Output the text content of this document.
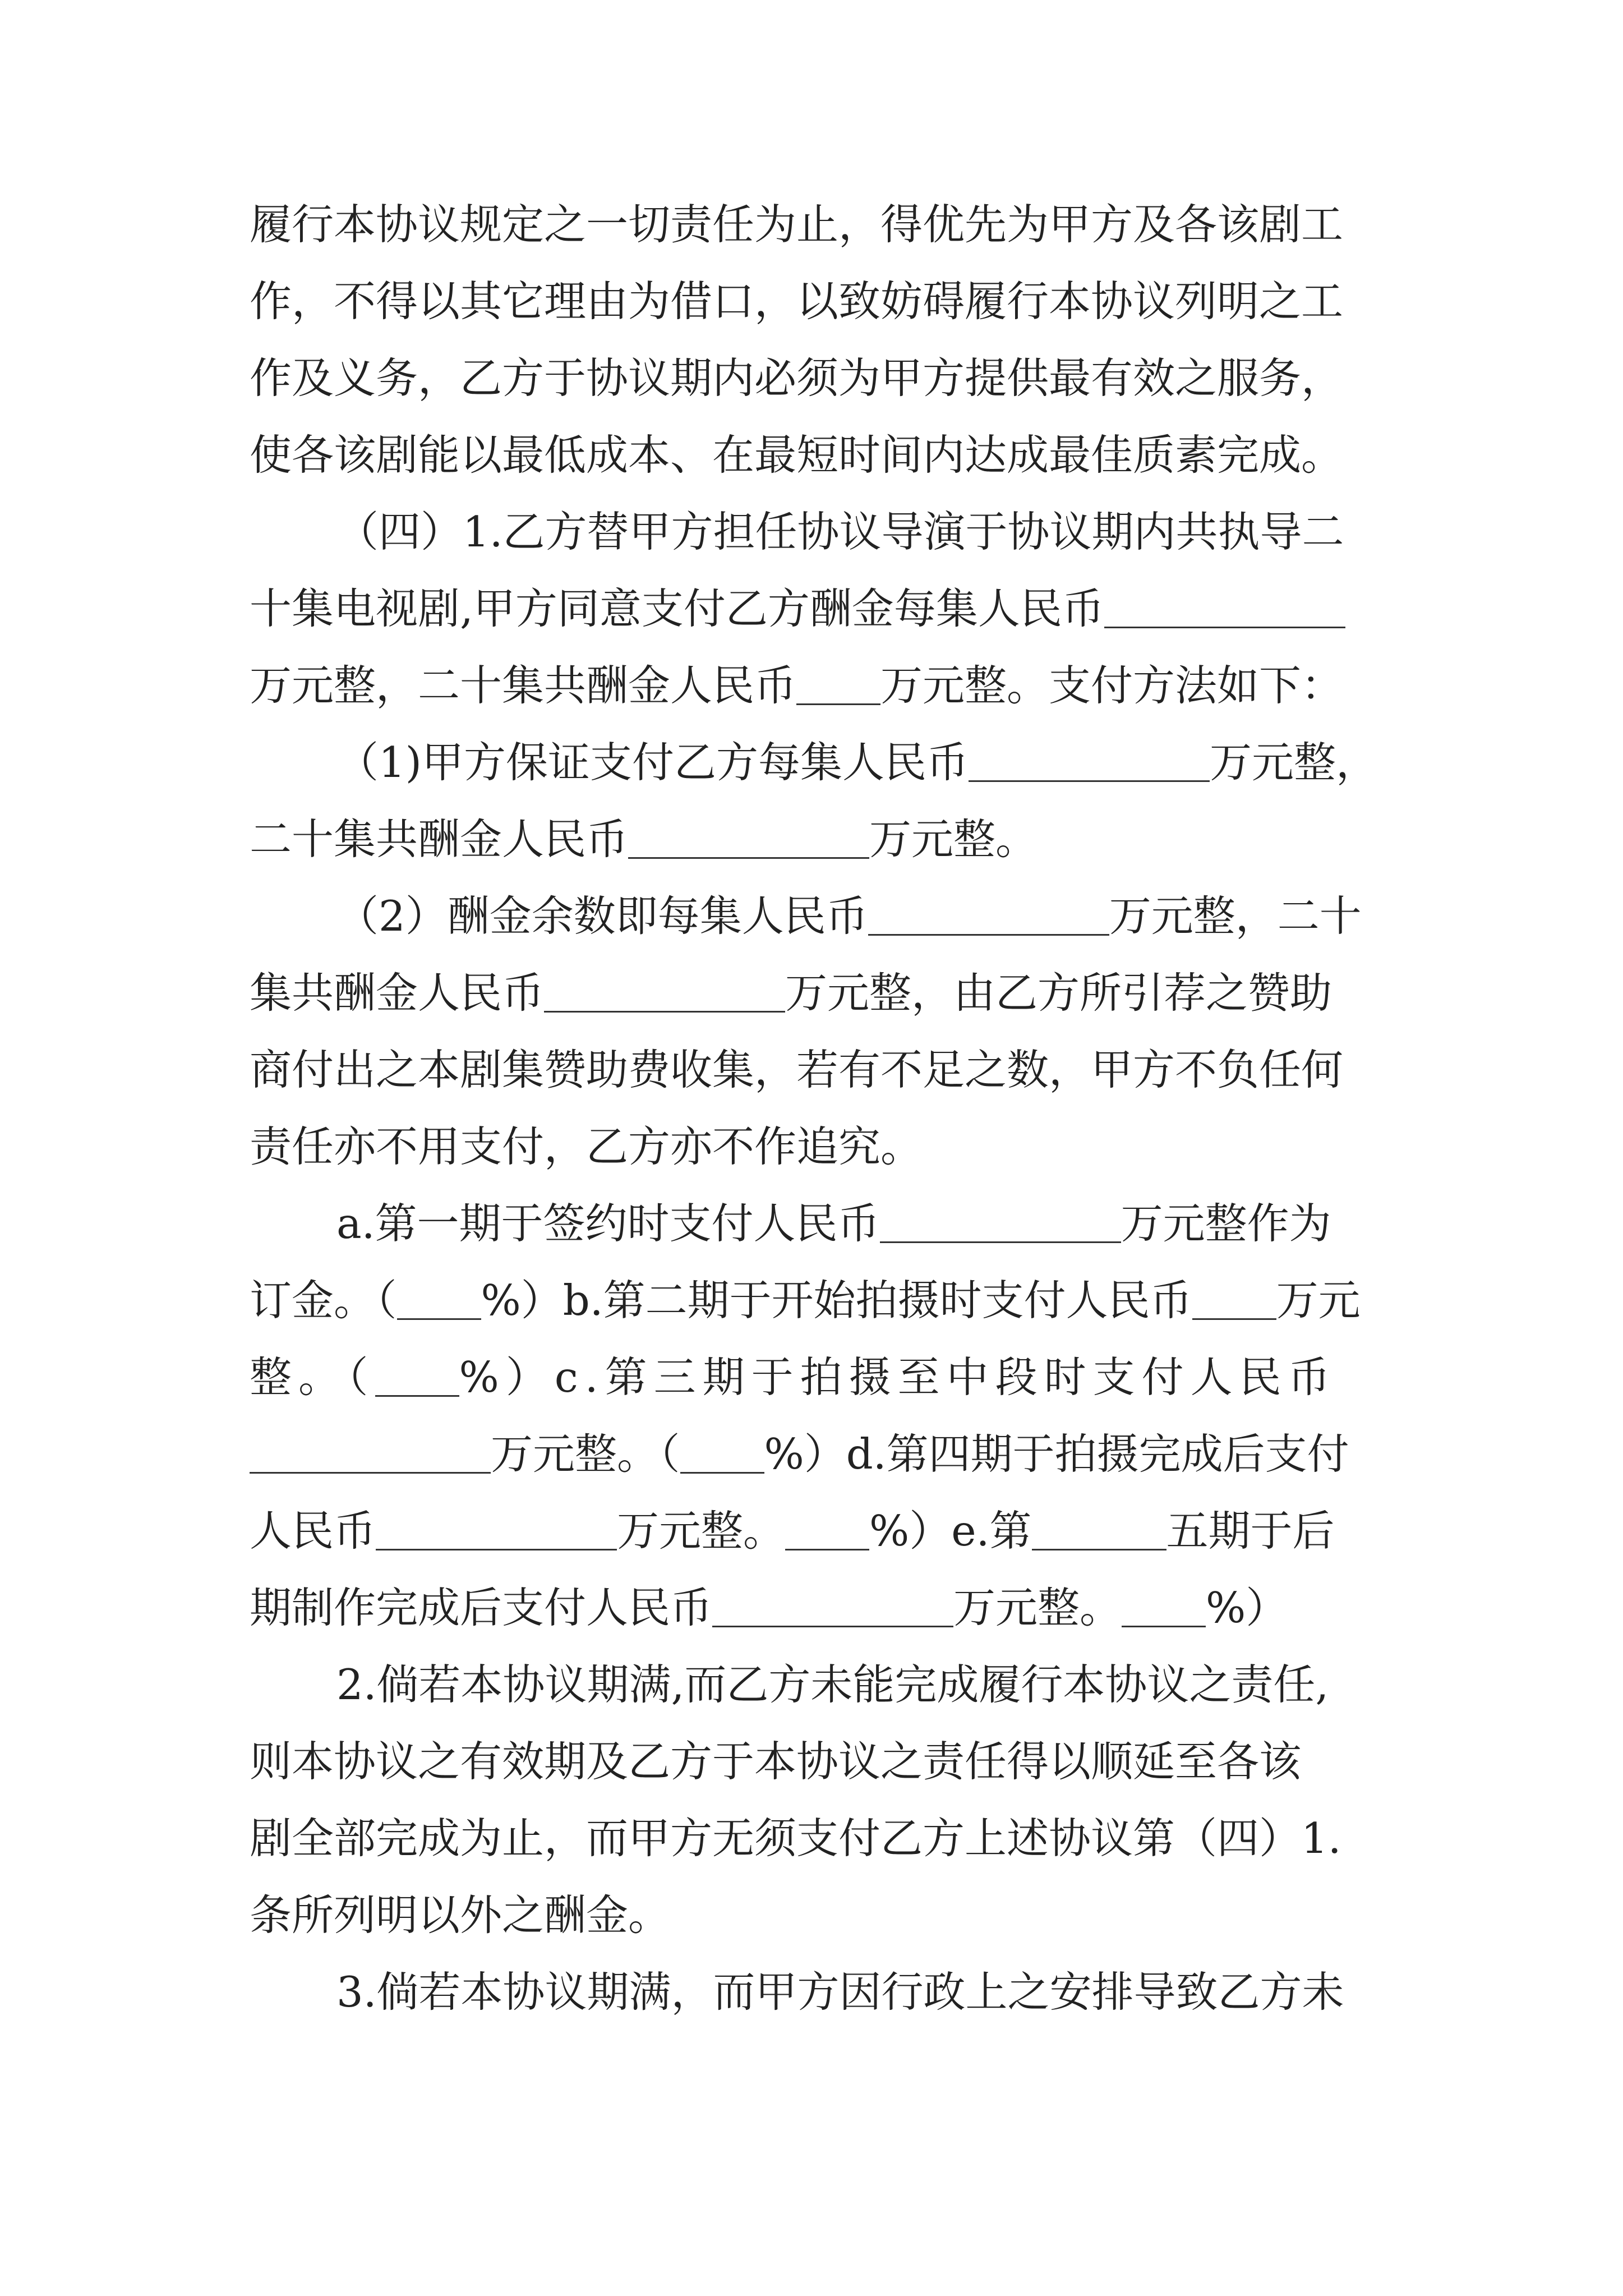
履行本协议规定之一切责任为止，得优先为甲方及各该剧工
作，不得以其它理由为借口，以致妨碍履行本协议列明之工
作及义务，乙方于协议期内必须为甲方提供最有效之服务，
使各该剧能以最低成本、在最短时间内达成最佳质素完成。
（四）1.乙方替甲方担任协议导演于协议期内共执导二
十集电视剧,甲方同意支付乙方酬金每集人民币
万元整，二十集共酬金人民币 万元整。支付方法如下：
（1)甲方保证支付乙方每集人民币	万元整，
二十集共酬金人民币	万元整。
（2）酬金余数即每集人民币	万元整，二十
集共酬金人民币	万元整，由乙方所引荐之赞助
商付出之本剧集赞助费收集，若有不足之数，甲方不负任何
责任亦不用支付，乙方亦不作追究。
a.第一期于签约时支付人民币	万元整作为
订金。（ %）b.第二期于开始拍摄时支付人民币 万元
整。（ %）c.第三期于拍摄至中段时支付人民币
万元整。（ %）d.第四期于拍摄完成后支付
人民币	万元整。 %）e.第	五期于后
期制作完成后支付人民币	万元整。 %）
2.倘若本协议期满,而乙方未能完成履行本协议之责任,
则本协议之有效期及乙方于本协议之责任得以顺延至各该
剧全部完成为止，而甲方无须支付乙方上述协议第（四）1.
条所列明以外之酬金。
3.倘若本协议期满，而甲方因行政上之安排导致乙方未
